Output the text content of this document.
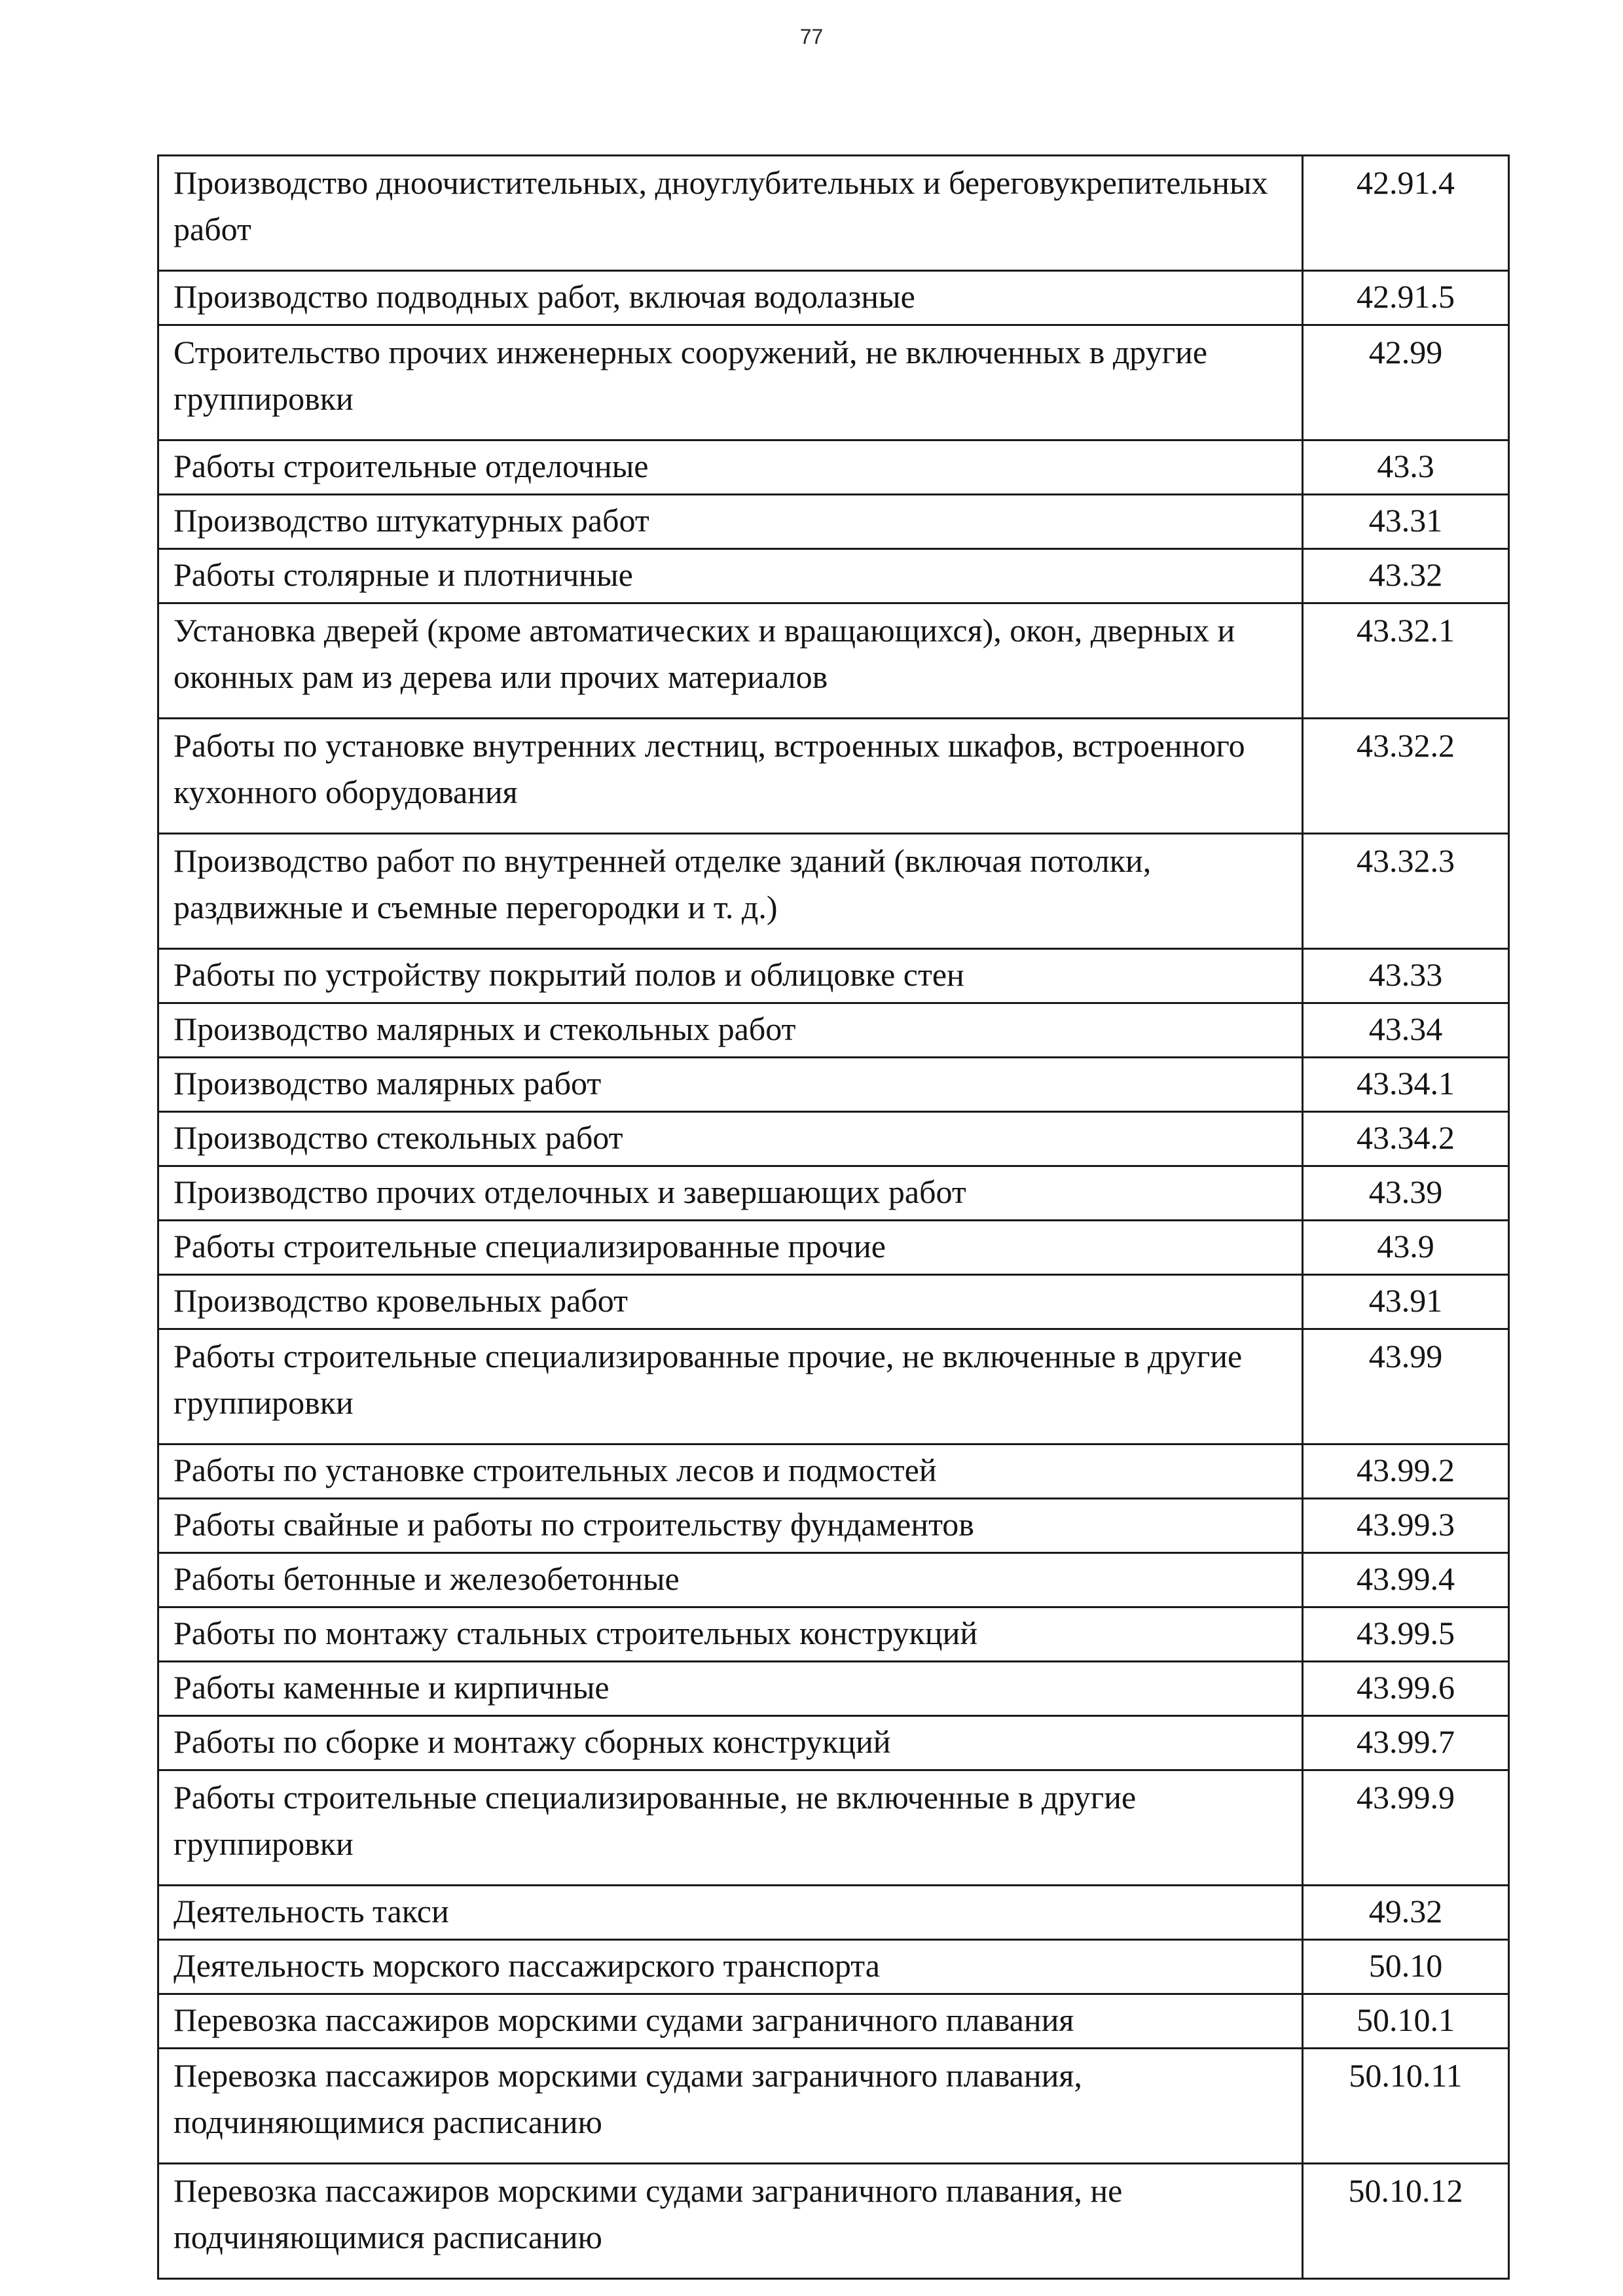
77
Производство дноочистительных, дноуглубительных и береговукрепительных работ	42.91.4
Производство подводных работ, включая водолазные	42.91.5
Строительство прочих инженерных сооружений, не включенных в другие группировки	42.99
Работы строительные отделочные	43.3
Производство штукатурных работ	43.31
Работы столярные и плотничные	43.32
Установка дверей (кроме автоматических и вращающихся), окон, дверных и оконных рам из дерева или прочих материалов	43.32.1
Работы по установке внутренних лестниц, встроенных шкафов, встроенного кухонного оборудования	43.32.2
Производство работ по внутренней отделке зданий (включая потолки, раздвижные и съемные перегородки и т. д.)	43.32.3
Работы по устройству покрытий полов и облицовке стен	43.33
Производство малярных и стекольных работ	43.34
Производство малярных работ	43.34.1
Производство стекольных работ	43.34.2
Производство прочих отделочных и завершающих работ	43.39
Работы строительные специализированные прочие	43.9
Производство кровельных работ	43.91
Работы строительные специализированные прочие, не включенные в другие группировки	43.99
Работы по установке строительных лесов и подмостей	43.99.2
Работы свайные и работы по строительству фундаментов	43.99.3
Работы бетонные и железобетонные	43.99.4
Работы по монтажу стальных строительных конструкций	43.99.5
Работы каменные и кирпичные	43.99.6
Работы по сборке и монтажу сборных конструкций	43.99.7
Работы строительные специализированные, не включенные в другие группировки	43.99.9
Деятельность такси	49.32
Деятельность морского пассажирского транспорта	50.10
Перевозка пассажиров морскими судами заграничного плавания	50.10.1
Перевозка пассажиров морскими судами заграничного плавания, подчиняющимися расписанию	50.10.11
Перевозка пассажиров морскими судами заграничного плавания, не подчиняющимися расписанию	50.10.12
